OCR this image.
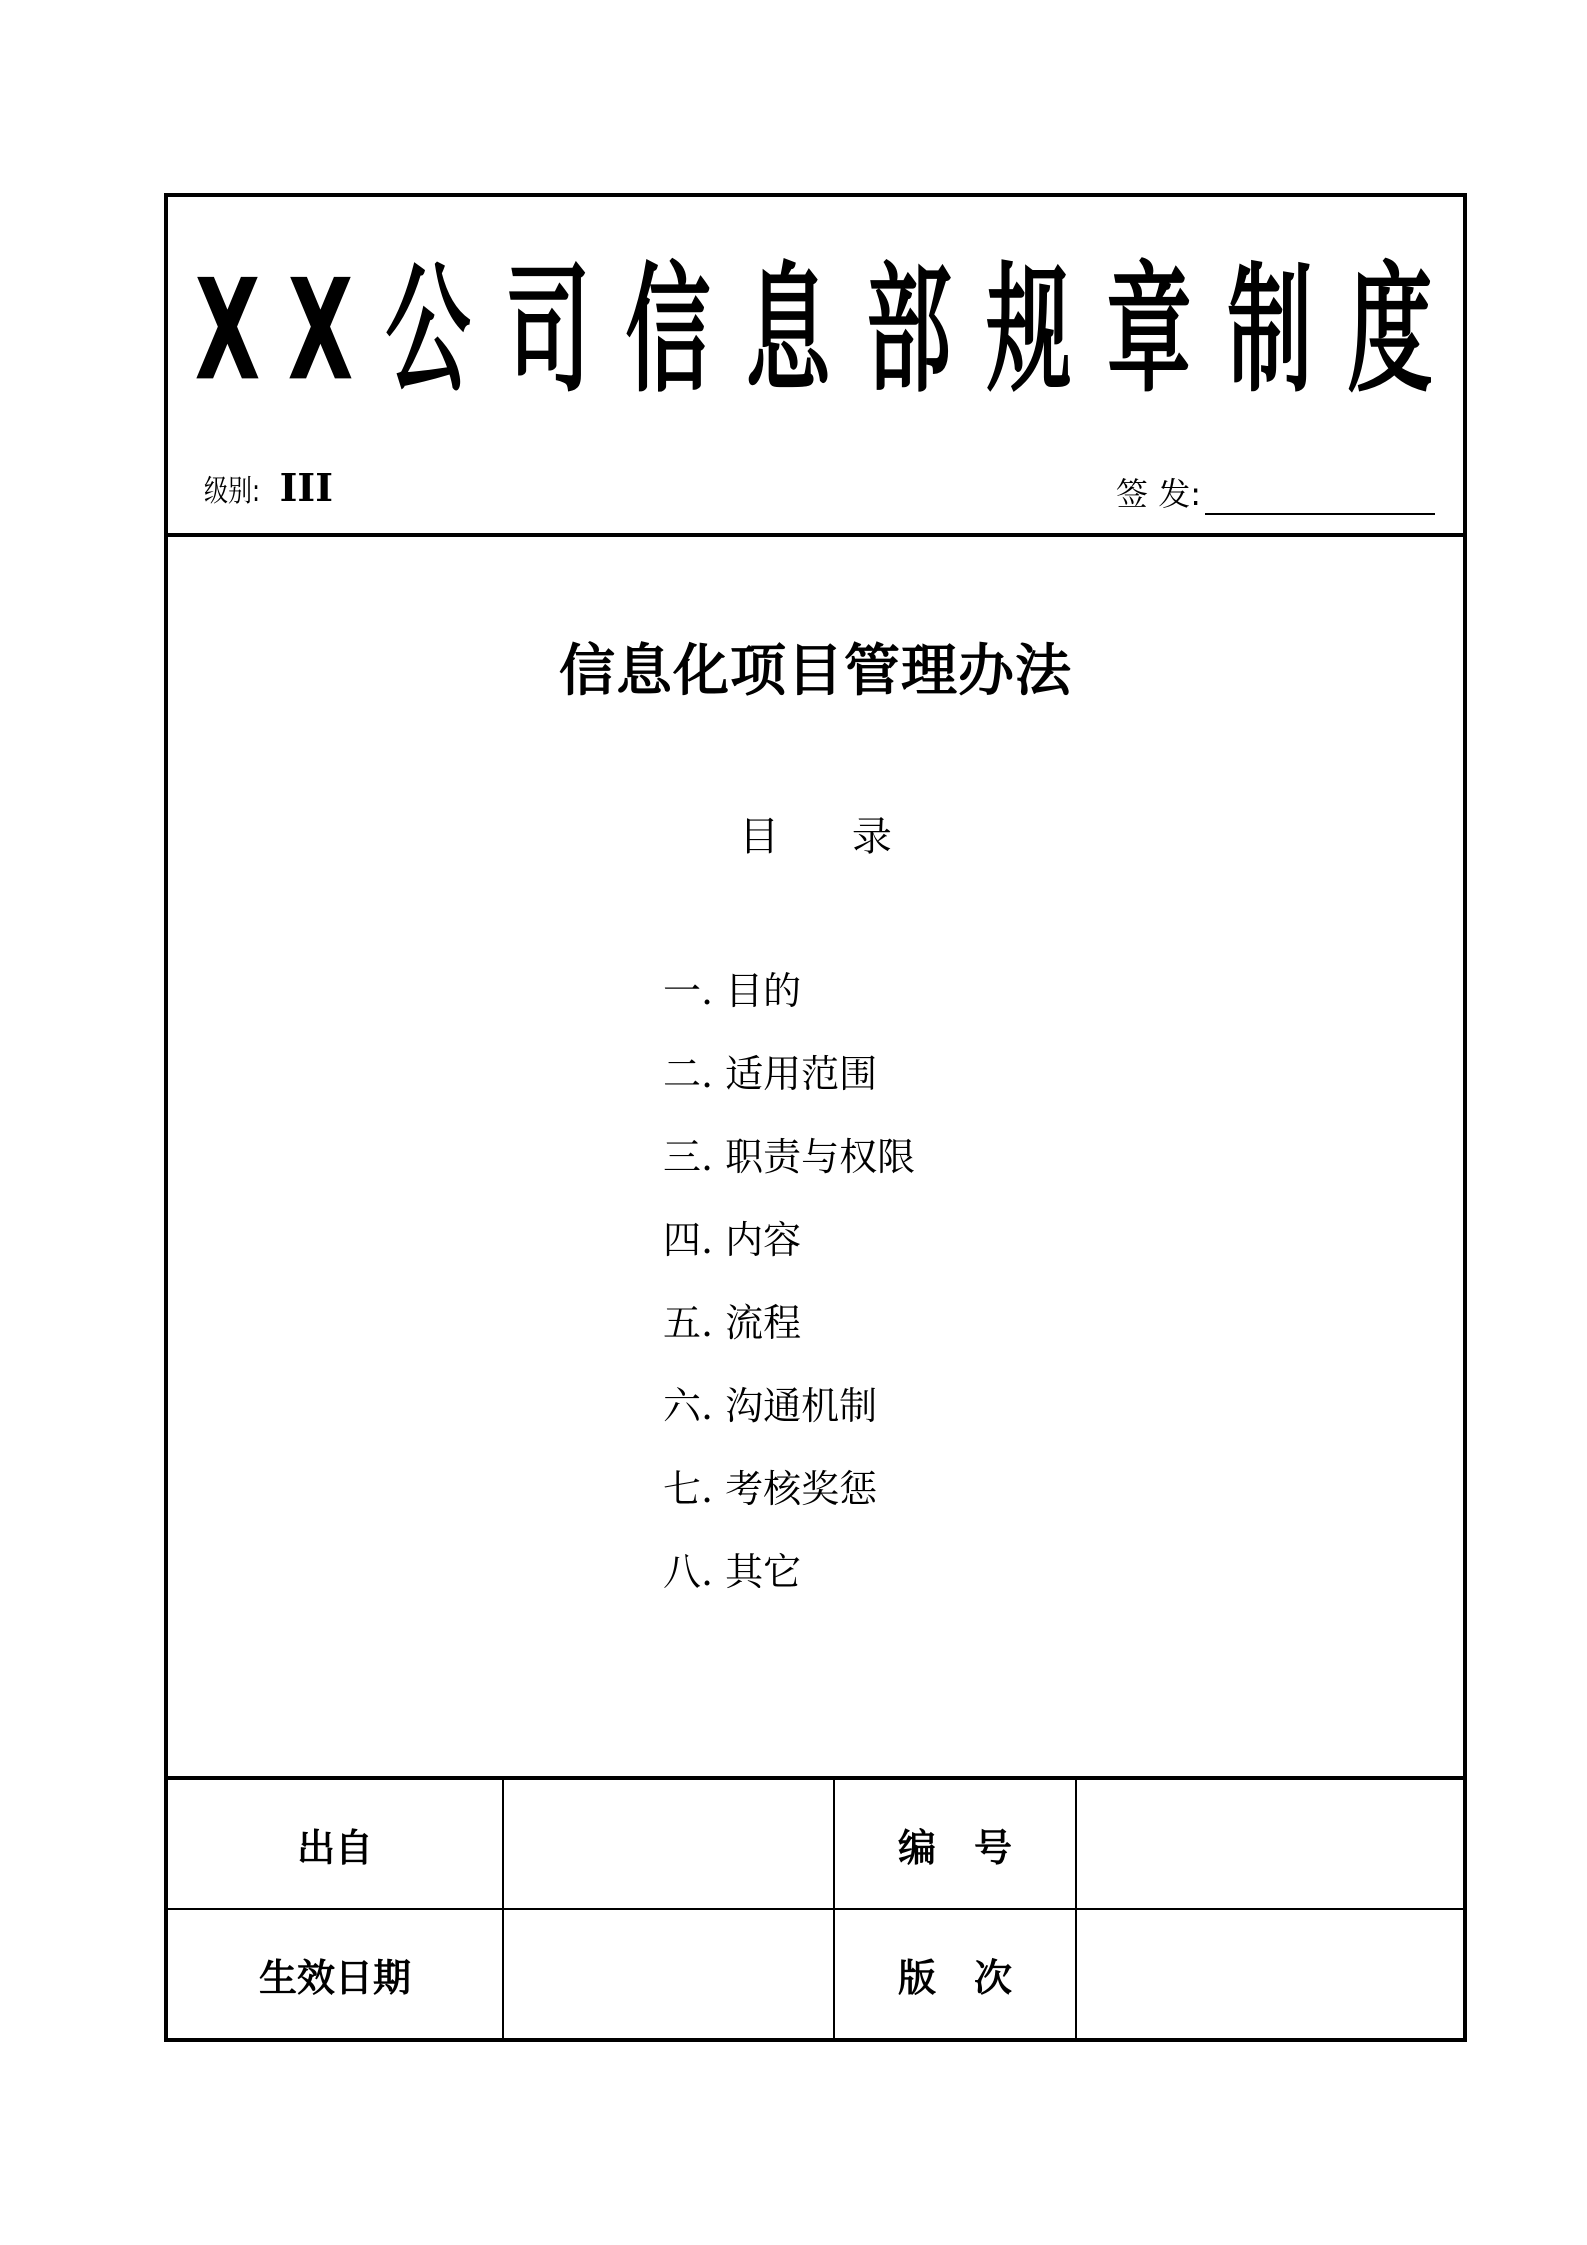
X X 公 司 信 息 部 规 章 制 度
级别: III	签 发:
信息化项目管理办法
目 录
一. 目的
二. 适用范围
三. 职责与权限
四. 内容
五. 流程
六. 沟通机制
七. 考核奖惩
八. 其它
出自		编　号	
生效日期		版　次	
